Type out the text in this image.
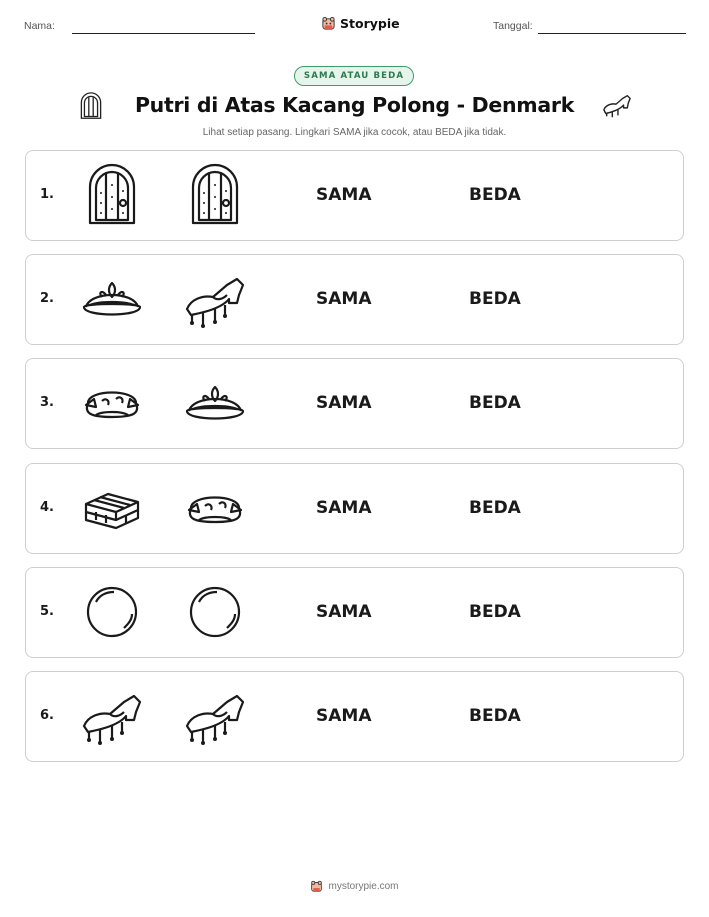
Nama:	Storypie	Tanggal:
SAMA ATAU BEDA
Putri di Atas Kacang Polong - Denmark
Lihat setiap pasang. Lingkari SAMA jika cocok, atau BEDA jika tidak.
1.	SAMA	BEDA
2.	SAMA	BEDA
3.	SAMA	BEDA
4.	SAMA	BEDA
5.	SAMA	BEDA
6.	SAMA	BEDA
mystorypie.com
